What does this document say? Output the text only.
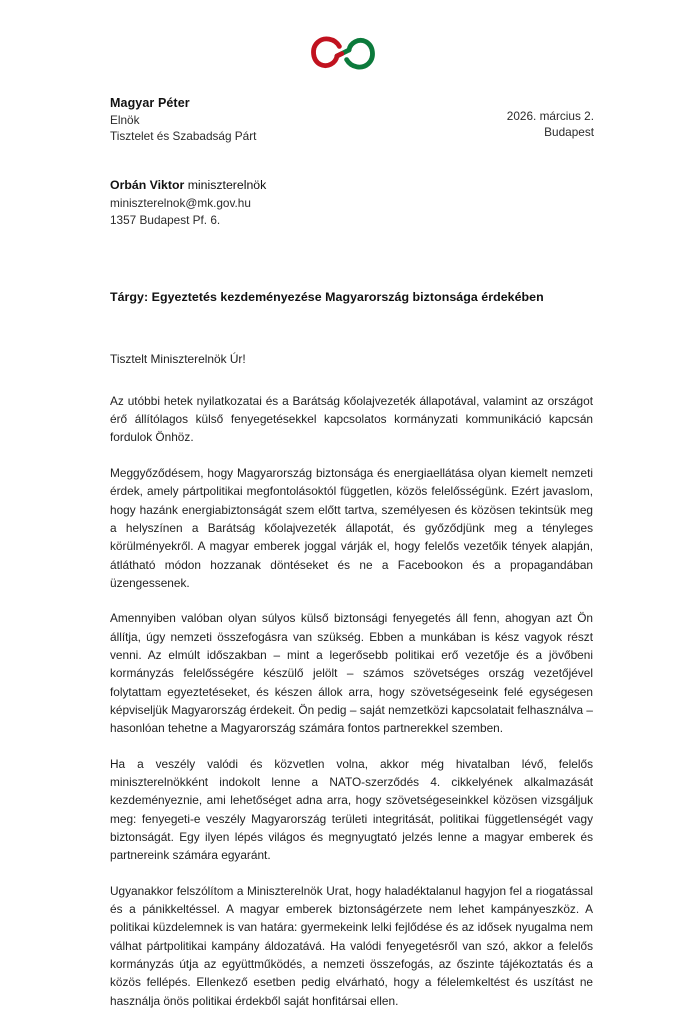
Magyar Péter
Elnök
Tisztelet és Szabadság Párt
2026. március 2.
Budapest
Orbán Viktor miniszterelnök
miniszterelnok@mk.gov.hu
1357 Budapest Pf. 6.
Tárgy: Egyeztetés kezdeményezése Magyarország biztonsága érdekében
Tisztelt Miniszterelnök Úr!

Az utóbbi hetek nyilatkozatai és a Barátság kőolajvezeték állapotával, valamint az országot érő állítólagos külső fenyegetésekkel kapcsolatos kormányzati kommunikáció kapcsán fordulok Önhöz.

Meggyőződésem, hogy Magyarország biztonsága és energiaellátása olyan kiemelt nemzeti érdek, amely pártpolitikai megfontolásoktól független, közös felelősségünk. Ezért javaslom, hogy hazánk energiabiztonságát szem előtt tartva, személyesen és közösen tekintsük meg a helyszínen a Barátság kőolajvezeték állapotát, és győződjünk meg a tényleges körülményekről. A magyar emberek joggal várják el, hogy felelős vezetőik tények alapján, átlátható módon hozzanak döntéseket és ne a Facebookon és a propagandában üzengessenek.

Amennyiben valóban olyan súlyos külső biztonsági fenyegetés áll fenn, ahogyan azt Ön állítja, úgy nemzeti összefogásra van szükség. Ebben a munkában is kész vagyok részt venni. Az elmúlt időszakban – mint a legerősebb politikai erő vezetője és a jövőbeni kormányzás felelősségére készülő jelölt – számos szövetséges ország vezetőjével folytattam egyeztetéseket, és készen állok arra, hogy szövetségeseink felé egységesen képviseljük Magyarország érdekeit. Ön pedig – saját nemzetközi kapcsolatait felhasználva – hasonlóan tehetne a Magyarország számára fontos partnerekkel szemben.

Ha a veszély valódi és közvetlen volna, akkor még hivatalban lévő, felelős miniszterelnökként indokolt lenne a NATO-szerződés 4. cikkelyének alkalmazását kezdeményeznie, ami lehetőséget adna arra, hogy szövetségeseinkkel közösen vizsgáljuk meg: fenyegeti-e veszély Magyarország területi integritását, politikai függetlenségét vagy biztonságát. Egy ilyen lépés világos és megnyugtató jelzés lenne a magyar emberek és partnereink számára egyaránt.

Ugyanakkor felszólítom a Miniszterelnök Urat, hogy haladéktalanul hagyjon fel a riogatással és a pánikkeltéssel. A magyar emberek biztonságérzete nem lehet kampányeszköz. A politikai küzdelemnek is van határa: gyermekeink lelki fejlődése és az idősek nyugalma nem válhat pártpolitikai kampány áldozatává. Ha valódi fenyegetésről van szó, akkor a felelős kormányzás útja az együttműködés, a nemzeti összefogás, az őszinte tájékoztatás és a közös fellépés. Ellenkező esetben pedig elvárható, hogy a félelemkeltést és uszítást ne használja önös politikai érdekből saját honfitársai ellen.
